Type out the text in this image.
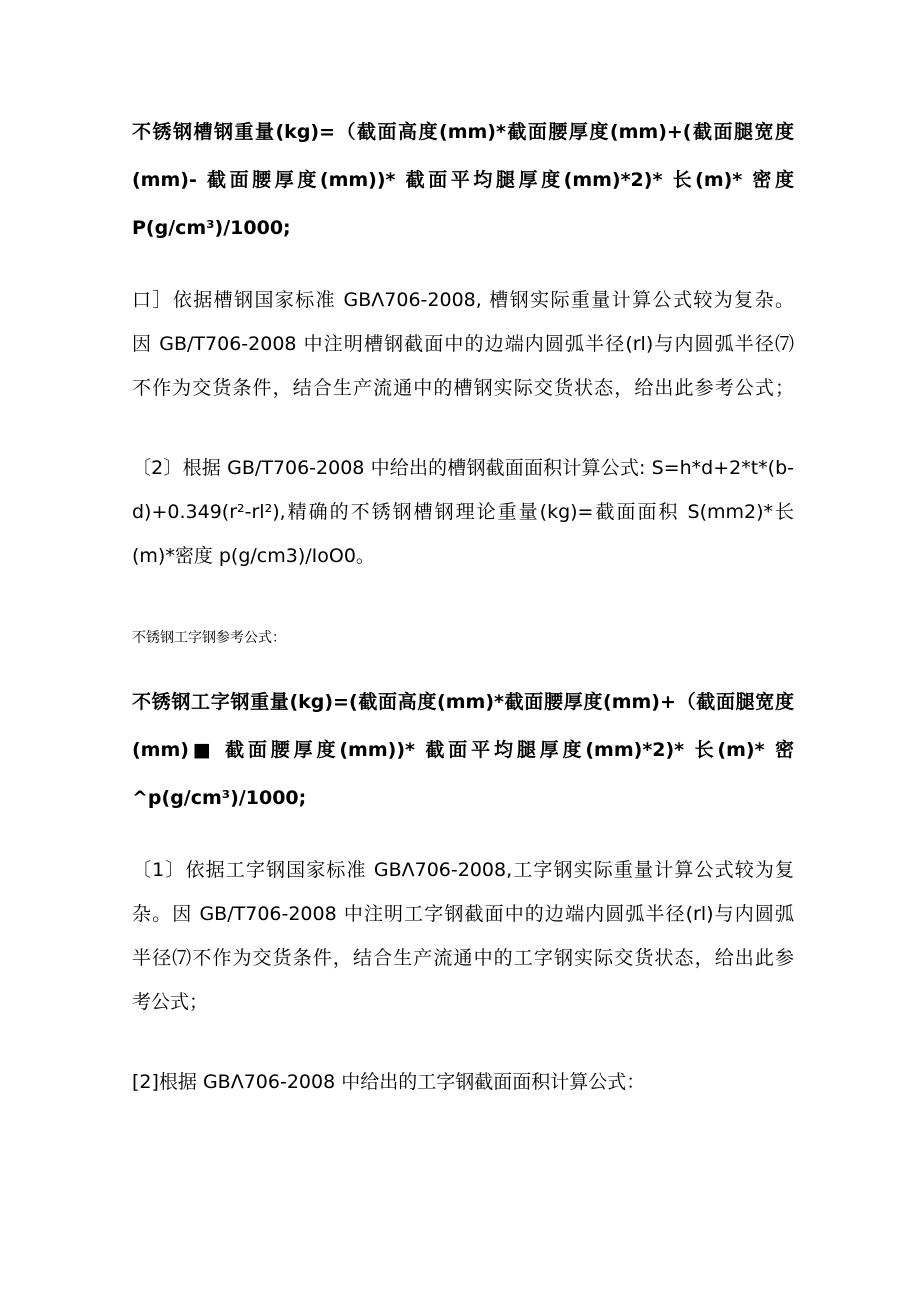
不锈钢槽钢重量(kg)=（截面高度(mm)*截面腰厚度(mm)+(截面腿宽度
(mm)- 截面腰厚度(mm))* 截面平均腿厚度(mm)*2)* 长(m)* 密度
P(g∕cm³)∕1000;
口］依据槽钢国家标准 GBΛ706-2008, 槽钢实际重量计算公式较为复杂。
因 GB/T706-2008 中注明槽钢截面中的边端内圆弧半径(rl)与内圆弧半径⑺
不作为交货条件，结合生产流通中的槽钢实际交货状态，给出此参考公式；
〔2〕根据 GB/T706-2008 中给出的槽钢截面面积计算公式: S=h*d+2*t*(b-
d)+0.349(r²-rl²),精确的不锈钢槽钢理论重量(kg)=截面面积 S(mm2)*长
(m)*密度 p(g∕cm3)/IoO0。
不锈钢工字钢参考公式：
不锈钢工字钢重量(kg)=(截面高度(mm)*截面腰厚度(mm)+（截面腿宽度
(mm)■ 截面腰厚度(mm))* 截面平均腿厚度(mm)*2)* 长(m)* 密
^p(g∕cm³)∕1000;
〔1〕依据工字钢国家标准 GBΛ706-2008,工字钢实际重量计算公式较为复
杂。因 GB/T706-2008 中注明工字钢截面中的边端内圆弧半径(rl)与内圆弧
半径⑺不作为交货条件，结合生产流通中的工字钢实际交货状态，给出此参
考公式；
[2]根据 GBΛ706-2008 中给出的工字钢截面面积计算公式：
